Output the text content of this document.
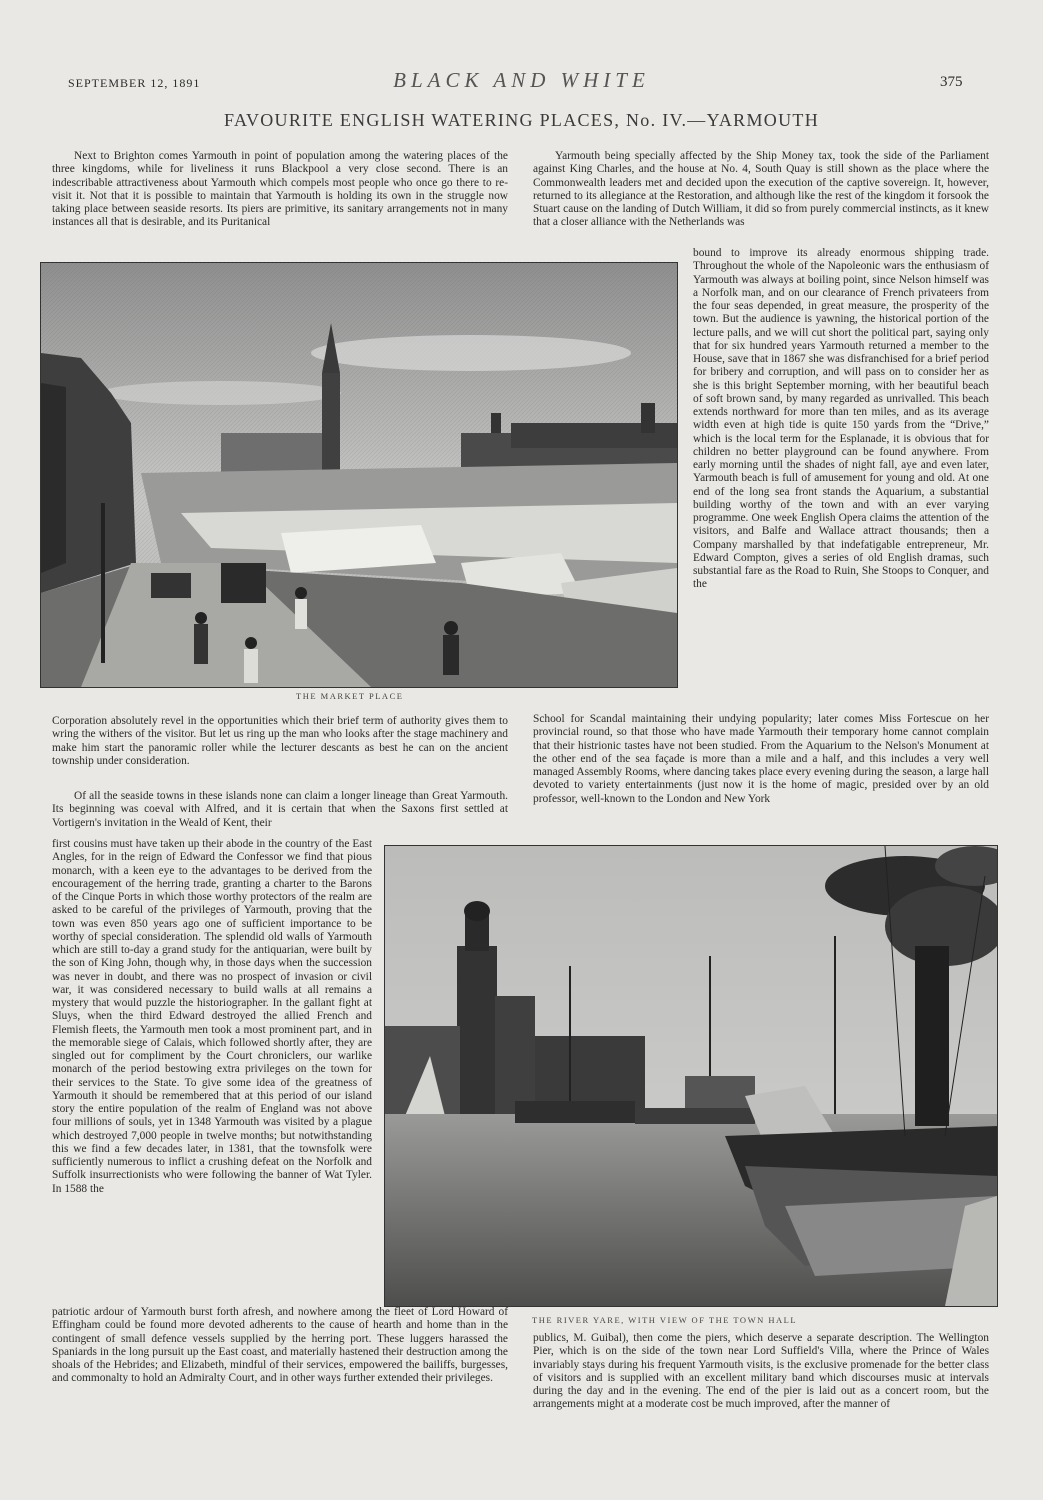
SEPTEMBER 12, 1891	BLACK AND WHITE	375
FAVOURITE ENGLISH WATERING PLACES, No. IV.—YARMOUTH

Next to Brighton comes Yarmouth in point of population among the watering places of the three kingdoms, while for liveliness it runs Blackpool a very close second. There is an indescribable attractiveness about Yarmouth which compels most people who once go there to re-visit it. Not that it is possible to maintain that Yarmouth is holding its own in the struggle now taking place between seaside resorts. Its piers are primitive, its sanitary arrangements not in many instances all that is desirable, and its Puritanical

Yarmouth being specially affected by the Ship Money tax, took the side of the Parliament against King Charles, and the house at No. 4, South Quay is still shown as the place where the Commonwealth leaders met and decided upon the execution of the captive sovereign. It, however, returned to its allegiance at the Restoration, and although like the rest of the kingdom it forsook the Stuart cause on the landing of Dutch William, it did so from purely commercial instincts, as it knew that a closer alliance with the Netherlands was

THE MARKET PLACE

bound to improve its already enormous shipping trade. Throughout the whole of the Napoleonic wars the enthusiasm of Yarmouth was always at boiling point, since Nelson himself was a Norfolk man, and on our clearance of French privateers from the four seas depended, in great measure, the prosperity of the town. But the audience is yawning, the historical portion of the lecture palls, and we will cut short the political part, saying only that for six hundred years Yarmouth returned a member to the House, save that in 1867 she was disfranchised for a brief period for bribery and corruption, and will pass on to consider her as she is this bright September morning, with her beautiful beach of soft brown sand, by many regarded as unrivalled. This beach extends northward for more than ten miles, and as its average width even at high tide is quite 150 yards from the “Drive,” which is the local term for the Esplanade, it is obvious that for children no better playground can be found anywhere. From early morning until the shades of night fall, aye and even later, Yarmouth beach is full of amusement for young and old. At one end of the long sea front stands the Aquarium, a substantial building worthy of the town and with an ever varying programme. One week English Opera claims the attention of the visitors, and Balfe and Wallace attract thousands; then a Company marshalled by that indefatigable entrepreneur, Mr. Edward Compton, gives a series of old English dramas, such substantial fare as the Road to Ruin, She Stoops to Conquer, and the

Corporation absolutely revel in the opportunities which their brief term of authority gives them to wring the withers of the visitor. But let us ring up the man who looks after the stage machinery and make him start the panoramic roller while the lecturer descants as best he can on the ancient township under consideration.

Of all the seaside towns in these islands none can claim a longer lineage than Great Yarmouth. Its beginning was coeval with Alfred, and it is certain that when the Saxons first settled at Vortigern's invitation in the Weald of Kent, their

School for Scandal maintaining their undying popularity; later comes Miss Fortescue on her provincial round, so that those who have made Yarmouth their temporary home cannot complain that their histrionic tastes have not been studied. From the Aquarium to the Nelson's Monument at the other end of the sea façade is more than a mile and a half, and this includes a very well managed Assembly Rooms, where dancing takes place every evening during the season, a large hall devoted to variety entertainments (just now it is the home of magic, presided over by an old professor, well-known to the London and New York

first cousins must have taken up their abode in the country of the East Angles, for in the reign of Edward the Confessor we find that pious monarch, with a keen eye to the advantages to be derived from the encouragement of the herring trade, granting a charter to the Barons of the Cinque Ports in which those worthy protectors of the realm are asked to be careful of the privileges of Yarmouth, proving that the town was even 850 years ago one of sufficient importance to be worthy of special consideration. The splendid old walls of Yarmouth which are still to-day a grand study for the antiquarian, were built by the son of King John, though why, in those days when the succession was never in doubt, and there was no prospect of invasion or civil war, it was considered necessary to build walls at all remains a mystery that would puzzle the historiographer. In the gallant fight at Sluys, when the third Edward destroyed the allied French and Flemish fleets, the Yarmouth men took a most prominent part, and in the memorable siege of Calais, which followed shortly after, they are singled out for compliment by the Court chroniclers, our warlike monarch of the period bestowing extra privileges on the town for their services to the State. To give some idea of the greatness of Yarmouth it should be remembered that at this period of our island story the entire population of the realm of England was not above four millions of souls, yet in 1348 Yarmouth was visited by a plague which destroyed 7,000 people in twelve months; but notwithstanding this we find a few decades later, in 1381, that the townsfolk were sufficiently numerous to inflict a crushing defeat on the Norfolk and Suffolk insurrectionists who were following the banner of Wat Tyler. In 1588 the

THE RIVER YARE, WITH VIEW OF THE TOWN HALL

patriotic ardour of Yarmouth burst forth afresh, and nowhere among the fleet of Lord Howard of Effingham could be found more devoted adherents to the cause of hearth and home than in the contingent of small defence vessels supplied by the herring port. These luggers harassed the Spaniards in the long pursuit up the East coast, and materially hastened their destruction among the shoals of the Hebrides; and Elizabeth, mindful of their services, empowered the bailiffs, burgesses, and commonalty to hold an Admiralty Court, and in other ways further extended their privileges.

publics, M. Guibal), then come the piers, which deserve a separate description. The Wellington Pier, which is on the side of the town near Lord Suffield's Villa, where the Prince of Wales invariably stays during his frequent Yarmouth visits, is the exclusive promenade for the better class of visitors and is supplied with an excellent military band which discourses music at intervals during the day and in the evening. The end of the pier is laid out as a concert room, but the arrangements might at a moderate cost be much improved, after the manner of
